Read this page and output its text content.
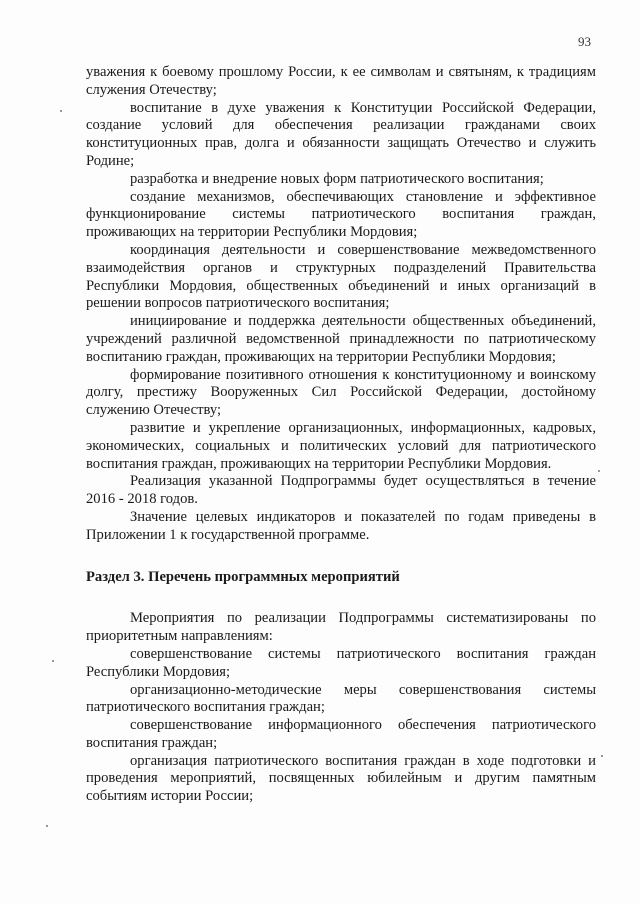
93

уважения к боевому прошлому России, к ее символам и святыням, к традициям служения Отечеству;

воспитание в духе уважения к Конституции Российской Федерации, создание условий для обеспечения реализации гражданами своих конституционных прав, долга и обязанности защищать Отечество и служить Родине;

разработка и внедрение новых форм патриотического воспитания;

создание механизмов, обеспечивающих становление и эффективное функционирование системы патриотического воспитания граждан, проживающих на территории Республики Мордовия;

координация деятельности и совершенствование межведомственного взаимодействия органов и структурных подразделений Правительства Республики Мордовия, общественных объединений и иных организаций в решении вопросов патриотического воспитания;

инициирование и поддержка деятельности общественных объединений, учреждений различной ведомственной принадлежности по патриотическому воспитанию граждан, проживающих на территории Республики Мордовия;

формирование позитивного отношения к конституционному и воинскому долгу, престижу Вооруженных Сил Российской Федерации, достойному служению Отечеству;

развитие и укрепление организационных, информационных, кадровых, экономических, социальных и политических условий для патриотического воспитания граждан, проживающих на территории Республики Мордовия.

Реализация указанной Подпрограммы будет осуществляться в течение 2016 - 2018 годов.

Значение целевых индикаторов и показателей по годам приведены в Приложении 1 к государственной программе.

Раздел 3. Перечень программных мероприятий

Мероприятия по реализации Подпрограммы систематизированы по приоритетным направлениям:

совершенствование системы патриотического воспитания граждан Республики Мордовия;

организационно-методические меры совершенствования системы патриотического воспитания граждан;

совершенствование информационного обеспечения патриотического воспитания граждан;

организация патриотического воспитания граждан в ходе подготовки и проведения мероприятий, посвященных юбилейным и другим памятным событиям истории России;
